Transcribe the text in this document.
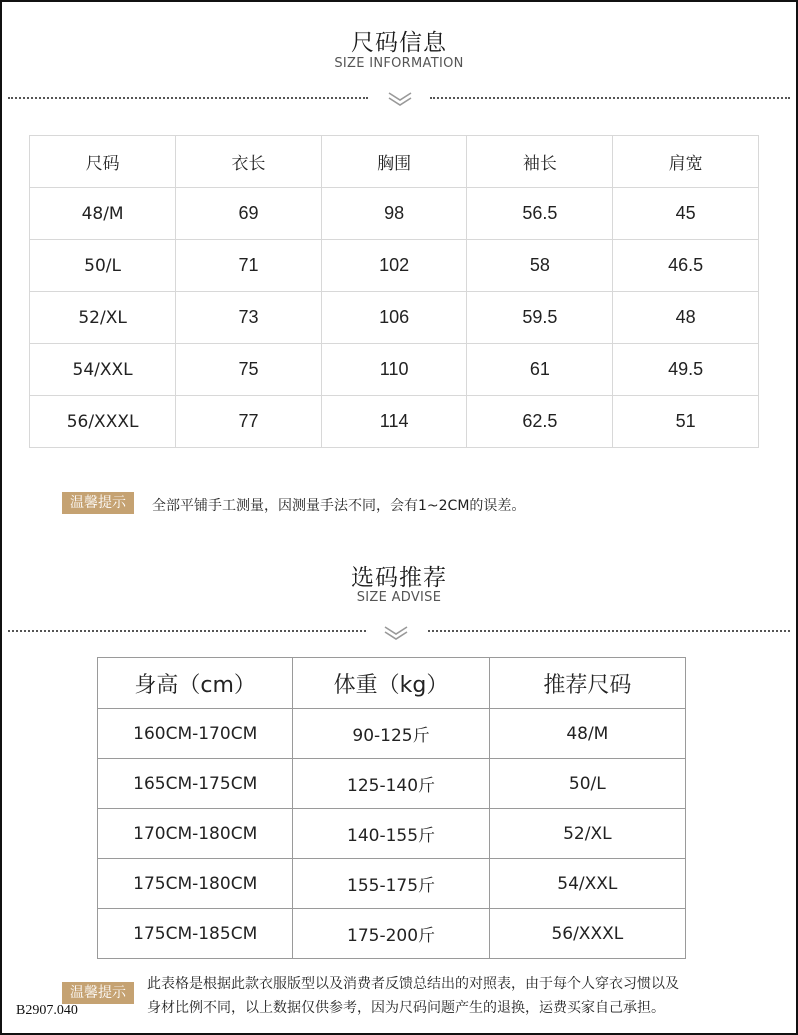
尺码信息
SIZE INFORMATION
尺码	衣长	胸围	袖长	肩宽
48/M	69	98	56.5	45
50/L	71	102	58	46.5
52/XL	73	106	59.5	48
54/XXL	75	110	61	49.5
56/XXXL	77	114	62.5	51
温馨提示	全部平铺手工测量，因测量手法不同，会有1~2CM的误差。
选码推荐
SIZE ADVISE
身高（cm）	体重（kg）	推荐尺码
160CM-170CM	90-125斤	48/M
165CM-175CM	125-140斤	50/L
170CM-180CM	140-155斤	52/XL
175CM-180CM	155-175斤	54/XXL
175CM-185CM	175-200斤	56/XXXL
温馨提示
此表格是根据此款衣服版型以及消费者反馈总结出的对照表，由于每个人穿衣习惯以及
身材比例不同，以上数据仅供参考，因为尺码问题产生的退换，运费买家自己承担。
B2907.040
